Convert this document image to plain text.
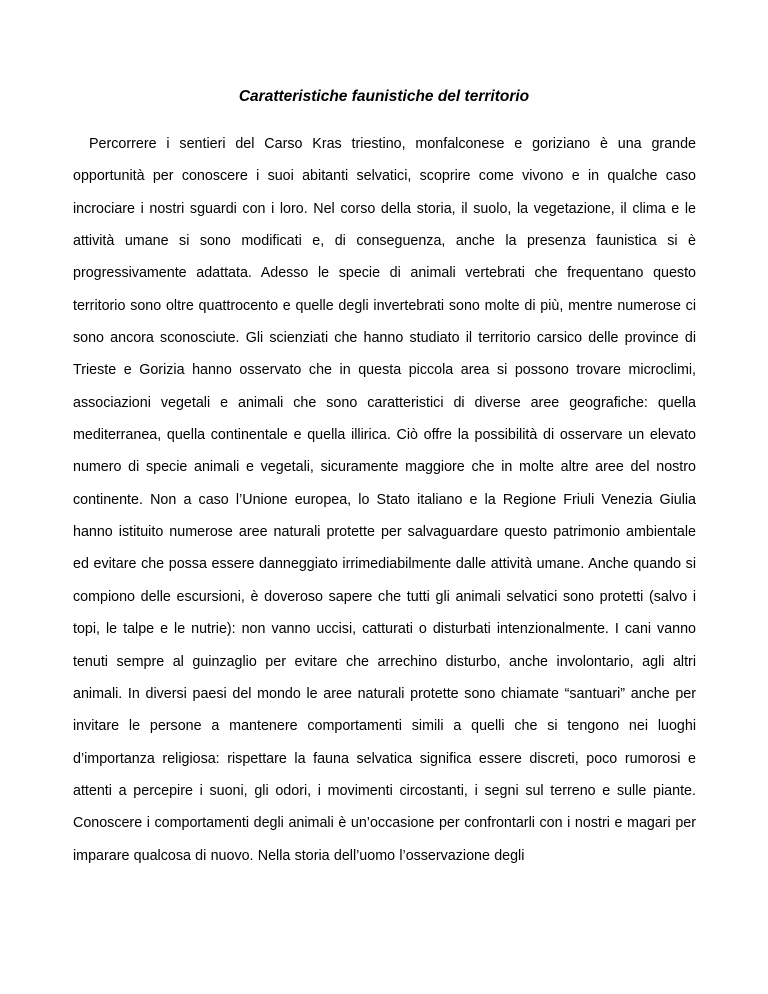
Caratteristiche faunistiche del territorio

Percorrere i sentieri del Carso Kras triestino, monfalconese e goriziano è una grande opportunità per conoscere i suoi abitanti selvatici, scoprire come vivono e in qualche caso incrociare i nostri sguardi con i loro. Nel corso della storia, il suolo, la vegetazione, il clima e le attività umane si sono modificati e, di conseguenza, anche la presenza faunistica si è progressivamente adattata. Adesso le specie di animali vertebrati che frequentano questo territorio sono oltre quattrocento e quelle degli invertebrati sono molte di più, mentre numerose ci sono ancora sconosciute. Gli scienziati che hanno studiato il territorio carsico delle province di Trieste e Gorizia hanno osservato che in questa piccola area si possono trovare microclimi, associazioni vegetali e animali che sono caratteristici di diverse aree geografiche: quella mediterranea, quella continentale e quella illirica. Ciò offre la possibilità di osservare un elevato numero di specie animali e vegetali, sicuramente maggiore che in molte altre aree del nostro continente. Non a caso l’Unione europea, lo Stato italiano e la Regione Friuli Venezia Giulia hanno istituito numerose aree naturali protette per salvaguardare questo patrimonio ambientale ed evitare che possa essere danneggiato irrimediabilmente dalle attività umane. Anche quando si compiono delle escursioni, è doveroso sapere che tutti gli animali selvatici sono protetti (salvo i topi, le talpe e le nutrie): non vanno uccisi, catturati o disturbati intenzionalmente. I cani vanno tenuti sempre al guinzaglio per evitare che arrechino disturbo, anche involontario, agli altri animali. In diversi paesi del mondo le aree naturali protette sono chiamate “santuari” anche per invitare le persone a mantenere comportamenti simili a quelli che si tengono nei luoghi d’importanza religiosa: rispettare la fauna selvatica significa essere discreti, poco rumorosi e attenti a percepire i suoni, gli odori, i movimenti circostanti, i segni sul terreno e sulle piante. Conoscere i comportamenti degli animali è un’occasione per confrontarli con i nostri e magari per imparare qualcosa di nuovo. Nella storia dell’uomo l’osservazione degli
